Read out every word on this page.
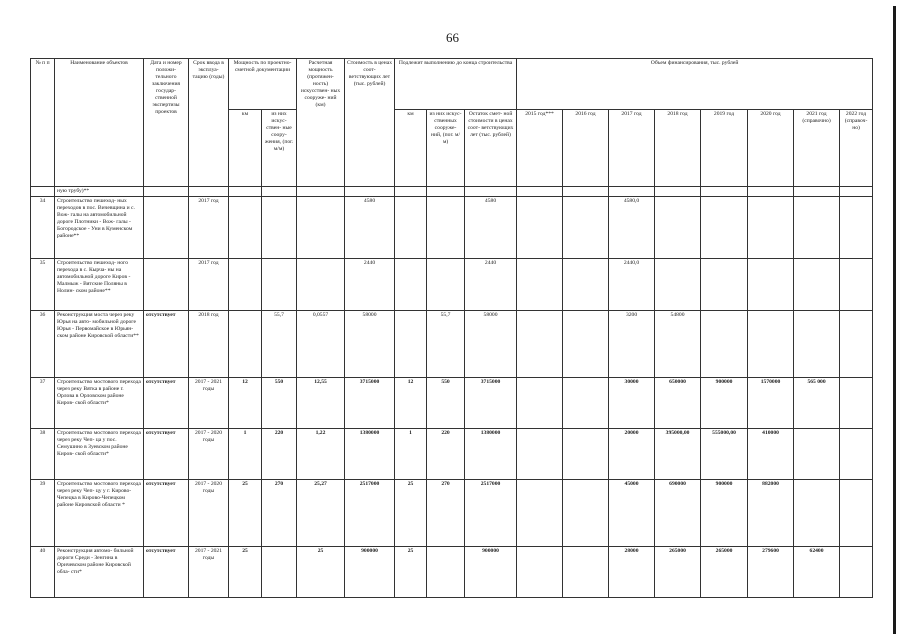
66
№ п п	Наименование объектов	Дата и номер положи- тельного заключения государ- ственной экспертизы проектов	Срок ввода в эксплуа- тацию (годы)	Мощность по проектно-сметной документации		Расчетная мощность (протяжен- ность) искусствен- ных сооруже- ний (км)	Стоимость в ценах соот- ветствующих лет (тыс. рублей)	Подлежит выполнению до конца строительства			Объем финансирования, тыс. рублей							
				км	из них искус- ствен- ные соору- жения, (пог. м/м)			км	из них искус- ственных сооруже- ний, (пог. м/м)	Остаток смет- ной стоимости в ценах соот- ветствующих лет (тыс. рублей)	2015 год***	2016 год	2017 год	2018 год	2019 год	2020 год	2021 год (справочно)	2022 год (справоч- но)
	ную трубу)**																	
34	Строительство пешеход- ных переходов в пос. Вичевщина и с. Вож- галы на автомобильной дороге Плотники - Вож- галы - Богородское - Уни в Куменском районе**		2017 год				4580			4580			4580,0					
35	Строительство пешеход- ного перехода в с. Кырча- ны на автомобильной дороге Киров - Малмыж - Вятские Поляны в Нолин- ском районе**		2017 год				2440			2440			2440,0					
36	Реконструкция моста через реку Юрья на авто- мобильной дороге Юрья - Первомайское в Юрьян- ском районе Кировской области**	отсутствует	2018 год		55,7	0,0557	58000		55,7	58000			3200	54800				
37	Строительство мостового перехода через реку Вятка в районе г. Орлова в Орловском районе Киров- ской области*	отсутствует	2017 - 2021 годы	12	550	12,55	3715000	12	550	3715000			30000	650000	900000	1570000	565 000	
38	Строительство мостового перехода через реку Чеп- ца у пос. Семушино в Зуевском районе Киров- ской области*	отсутствует	2017 - 2020 годы	1	220	1,22	1380000	1	220	1380000			20000	395000,00	555000,00	410000		
39	Строительство мостового перехода через реку Чеп- цу у г. Кирово-Чепецка в Кирово-Чепецком районе Кировской области *	отсутствует	2017 - 2020 годы	25	270	25,27	2517000	25	270	2517000			45000	690000	900000	882000		
40	Реконструкция автомо- бильной дороги Среди - Зенгина в Оричевском районе Кировской обла- сти*	отсутствует	2017 - 2021 годы	25		25	900000	25		900000			28000	265000	265000	279600	62400	
